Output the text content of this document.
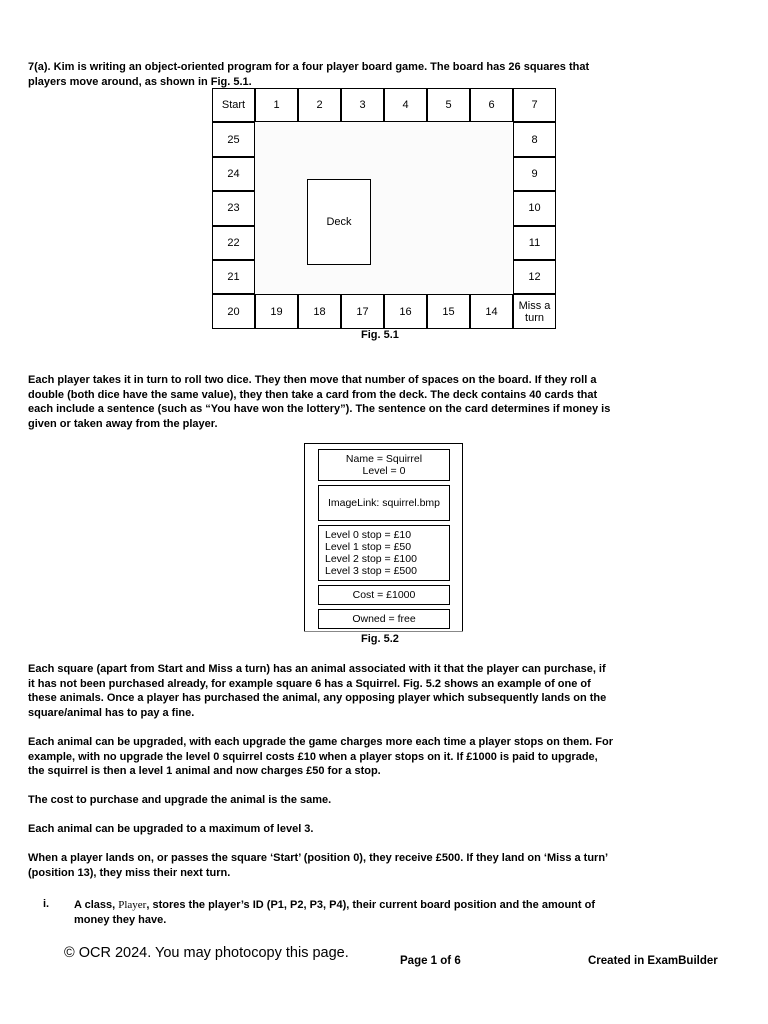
7(a). Kim is writing an object-oriented program for a four player board game. The board has 26 squares that
players move around, as shown in Fig. 5.1.
Start	1	2	3	4	5	6	7
8
9
10
11
12
20	19	18	17	16	15	14	Miss a turn
25
24
23
22
21
Deck
Fig. 5.1
Each player takes it in turn to roll two dice. They then move that number of spaces on the board. If they roll a
double (both dice have the same value), they then take a card from the deck. The deck contains 40 cards that
each include a sentence (such as “You have won the lottery”). The sentence on the card determines if money is
given or taken away from the player.
Name = Squirrel
Level = 0
ImageLink: squirrel.bmp
Level 0 stop = £10
Level 1 stop = £50
Level 2 stop = £100
Level 3 stop = £500
Cost = £1000
Owned = free
Fig. 5.2
Each square (apart from Start and Miss a turn) has an animal associated with it that the player can purchase, if
it has not been purchased already, for example square 6 has a Squirrel. Fig. 5.2 shows an example of one of
these animals. Once a player has purchased the animal, any opposing player which subsequently lands on the
square/animal has to pay a fine.
Each animal can be upgraded, with each upgrade the game charges more each time a player stops on them. For
example, with no upgrade the level 0 squirrel costs £10 when a player stops on it. If £1000 is paid to upgrade,
the squirrel is then a level 1 animal and now charges £50 for a stop.
The cost to purchase and upgrade the animal is the same.
Each animal can be upgraded to a maximum of level 3.
When a player lands on, or passes the square ‘Start’ (position 0), they receive £500. If they land on ‘Miss a turn’
(position 13), they miss their next turn.
i. A class, Player, stores the player’s ID (P1, P2, P3, P4), their current board position and the amount of
money they have.
© OCR 2024. You may photocopy this page.	Page 1 of 6	Created in ExamBuilder
